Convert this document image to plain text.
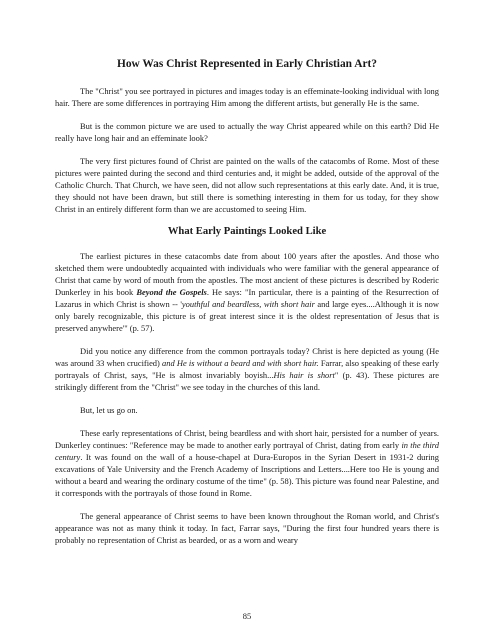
How Was Christ Represented in Early Christian Art?

The "Christ" you see portrayed in pictures and images today is an effeminate-looking individual with long hair. There are some differences in portraying Him among the different artists, but generally He is the same.

But is the common picture we are used to actually the way Christ appeared while on this earth? Did He really have long hair and an effeminate look?

The very first pictures found of Christ are painted on the walls of the catacombs of Rome. Most of these pictures were painted during the second and third centuries and, it might be added, outside of the approval of the Catholic Church. That Church, we have seen, did not allow such representations at this early date. And, it is true, they should not have been drawn, but still there is something interesting in them for us today, for they show Christ in an entirely different form than we are accustomed to seeing Him.

What Early Paintings Looked Like

The earliest pictures in these catacombs date from about 100 years after the apostles. And those who sketched them were undoubtedly acquainted with individuals who were familiar with the general appearance of Christ that came by word of mouth from the apostles. The most ancient of these pictures is described by Roderic Dunkerley in his book Beyond the Gospels. He says: "In particular, there is a painting of the Resurrection of Lazarus in which Christ is shown -- 'youthful and beardless, with short hair and large eyes....Although it is now only barely recognizable, this picture is of great interest since it is the oldest representation of Jesus that is preserved anywhere'" (p. 57).

Did you notice any difference from the common portrayals today? Christ is here depicted as young (He was around 33 when crucified) and He is without a beard and with short hair. Farrar, also speaking of these early portrayals of Christ, says, "He is almost invariably boyish...His hair is short" (p. 43). These pictures are strikingly different from the "Christ" we see today in the churches of this land.

But, let us go on.

These early representations of Christ, being beardless and with short hair, persisted for a number of years. Dunkerley continues: "Reference may be made to another early portrayal of Christ, dating from early in the third century. It was found on the wall of a house-chapel at Dura-Europos in the Syrian Desert in 1931-2 during excavations of Yale University and the French Academy of Inscriptions and Letters....Here too He is young and without a beard and wearing the ordinary costume of the time" (p. 58). This picture was found near Palestine, and it corresponds with the portrayals of those found in Rome.

The general appearance of Christ seems to have been known throughout the Roman world, and Christ's appearance was not as many think it today. In fact, Farrar says, "During the first four hundred years there is probably no representation of Christ as bearded, or as a worn and weary

85
